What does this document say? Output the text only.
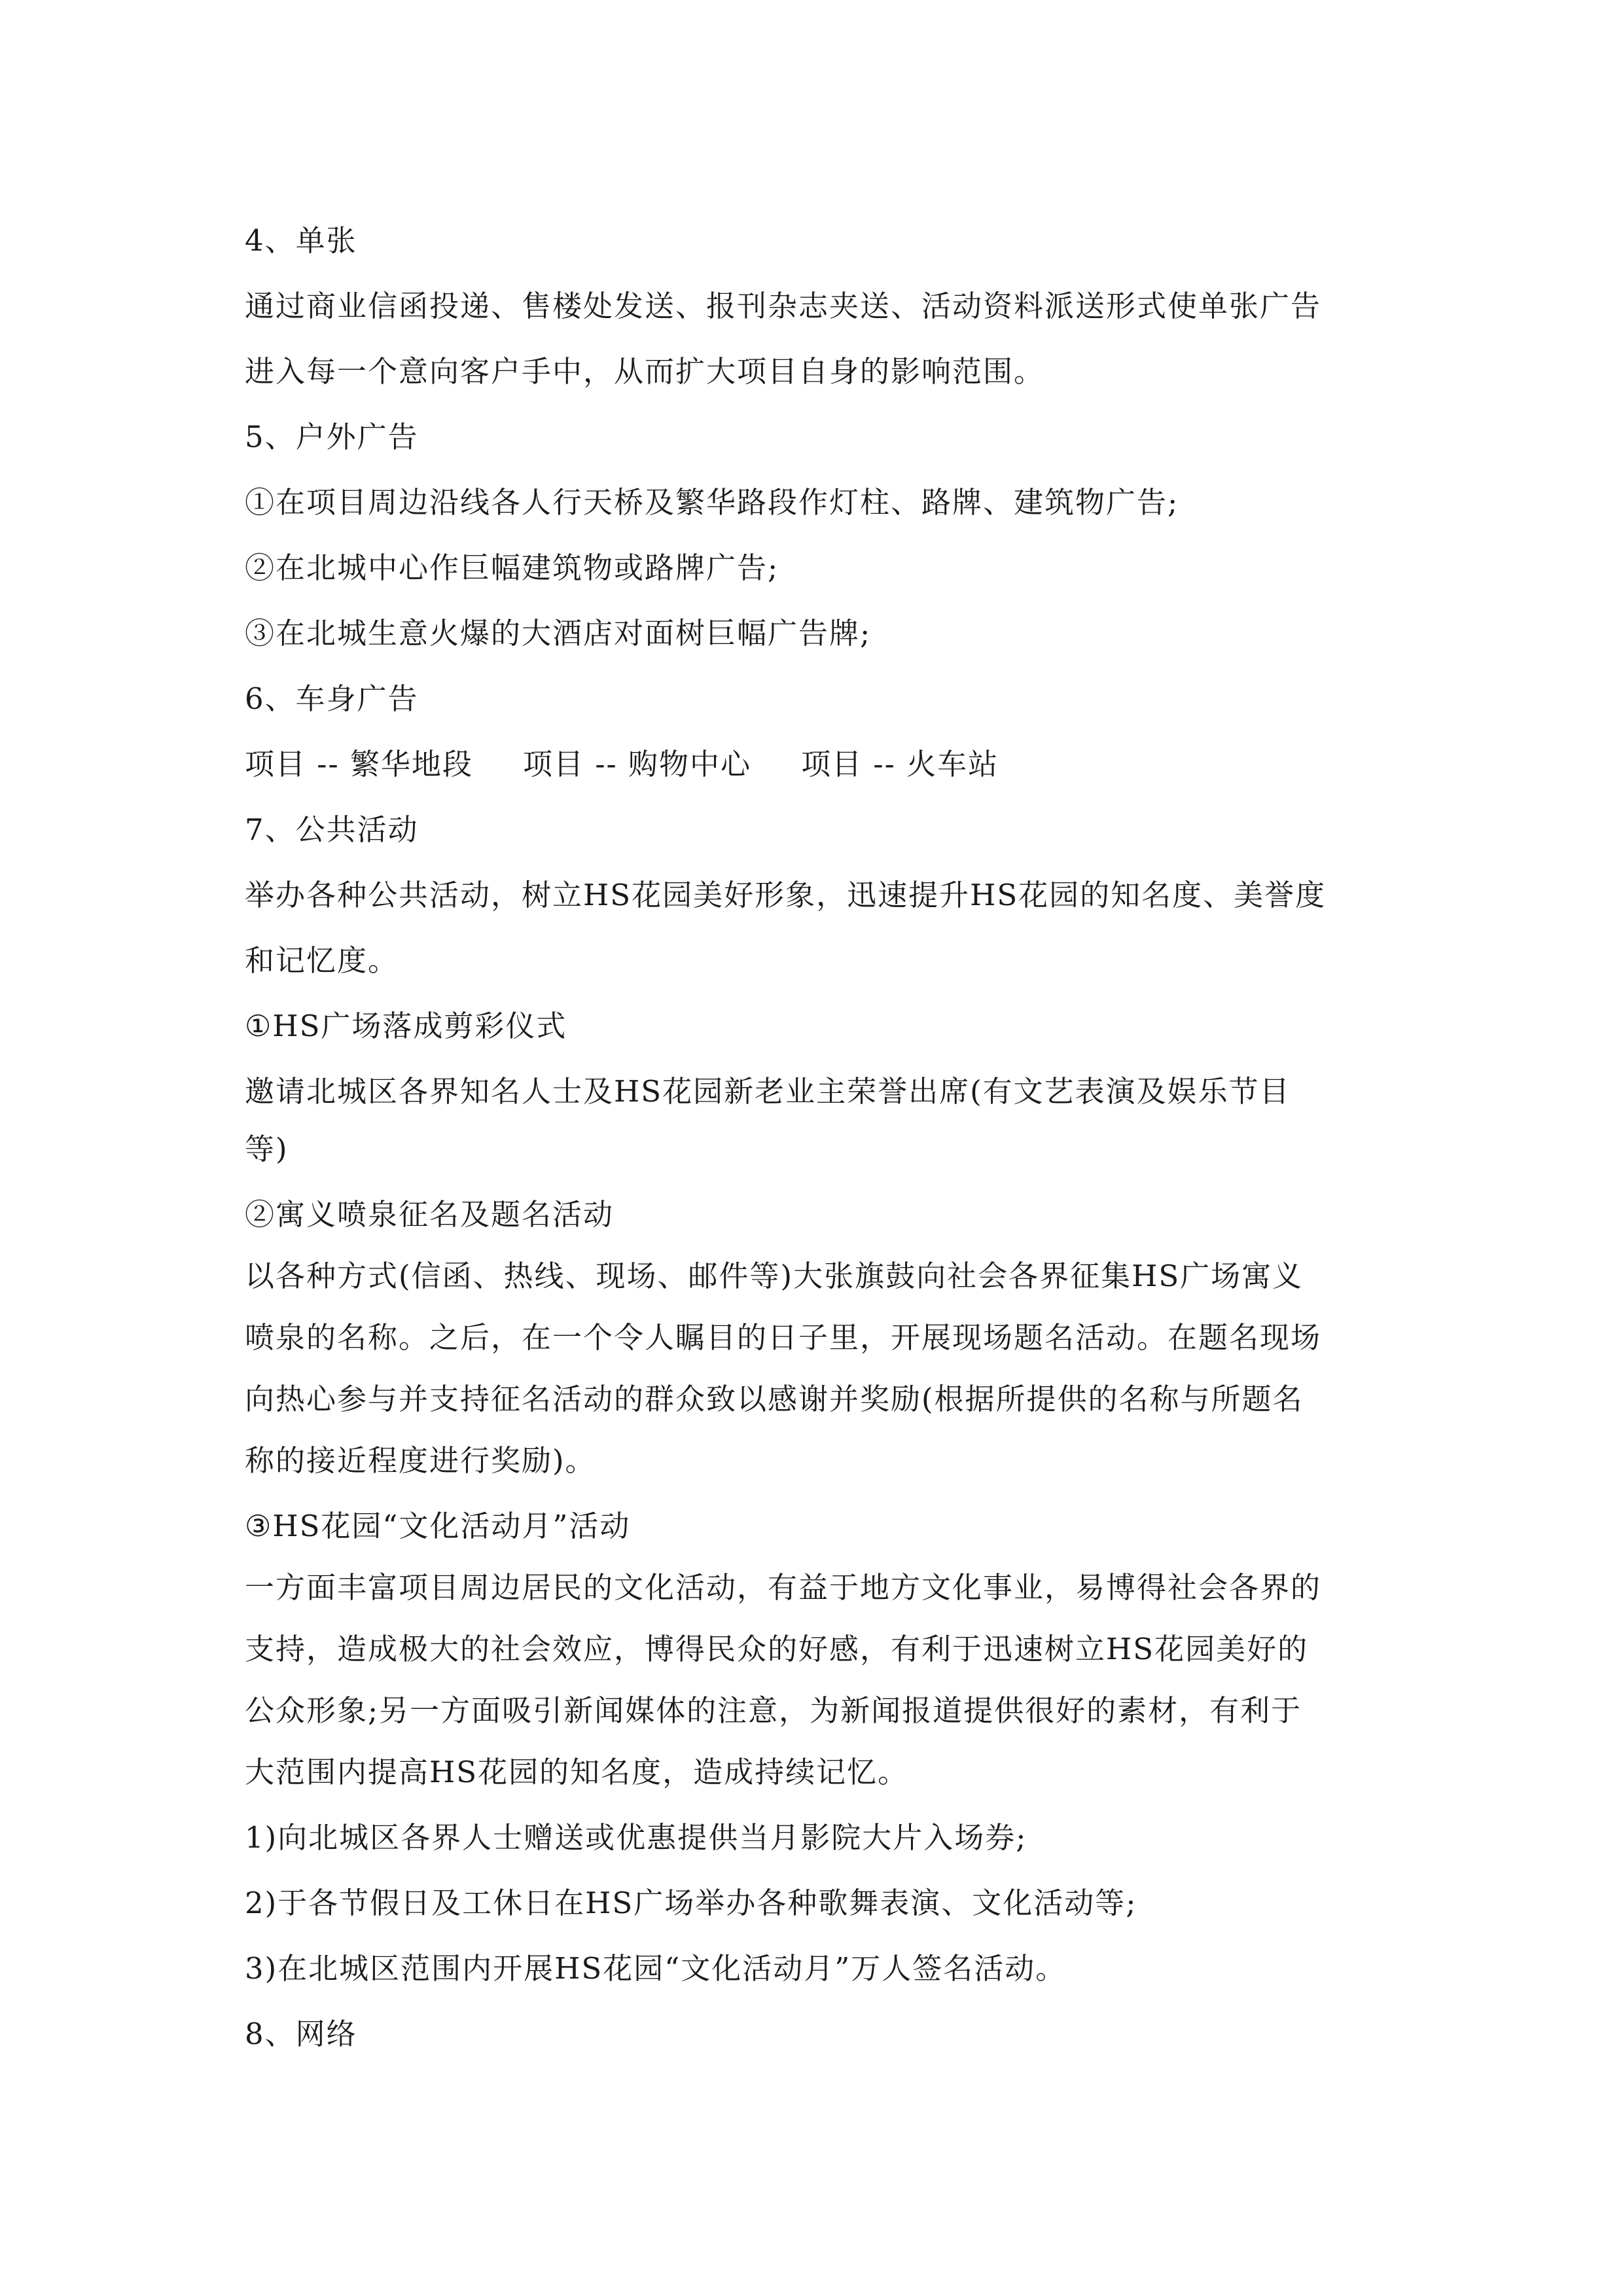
4、单张
通过商业信函投递、售楼处发送、报刊杂志夹送、活动资料派送形式使单张广告
进入每一个意向客户手中，从而扩大项目自身的影响范围。
5、户外广告
①在项目周边沿线各人行天桥及繁华路段作灯柱、路牌、建筑物广告;
②在北城中心作巨幅建筑物或路牌广告;
③在北城生意火爆的大酒店对面树巨幅广告牌;
6、车身广告
项目 -- 繁华地段 项目 -- 购物中心 项目 -- 火车站
7、公共活动
举办各种公共活动，树立HS花园美好形象，迅速提升HS花园的知名度、美誉度
和记忆度。
①HS广场落成剪彩仪式
邀请北城区各界知名人士及HS花园新老业主荣誉出席(有文艺表演及娱乐节目
等)
②寓义喷泉征名及题名活动
以各种方式(信函、热线、现场、邮件等)大张旗鼓向社会各界征集HS广场寓义
喷泉的名称。之后，在一个令人瞩目的日子里，开展现场题名活动。在题名现场
向热心参与并支持征名活动的群众致以感谢并奖励(根据所提供的名称与所题名
称的接近程度进行奖励)。
③HS花园“文化活动月”活动
一方面丰富项目周边居民的文化活动，有益于地方文化事业，易博得社会各界的
支持，造成极大的社会效应，博得民众的好感，有利于迅速树立HS花园美好的
公众形象;另一方面吸引新闻媒体的注意，为新闻报道提供很好的素材，有利于
大范围内提高HS花园的知名度，造成持续记忆。
1)向北城区各界人士赠送或优惠提供当月影院大片入场券;
2)于各节假日及工休日在HS广场举办各种歌舞表演、文化活动等;
3)在北城区范围内开展HS花园“文化活动月”万人签名活动。
8、网络
